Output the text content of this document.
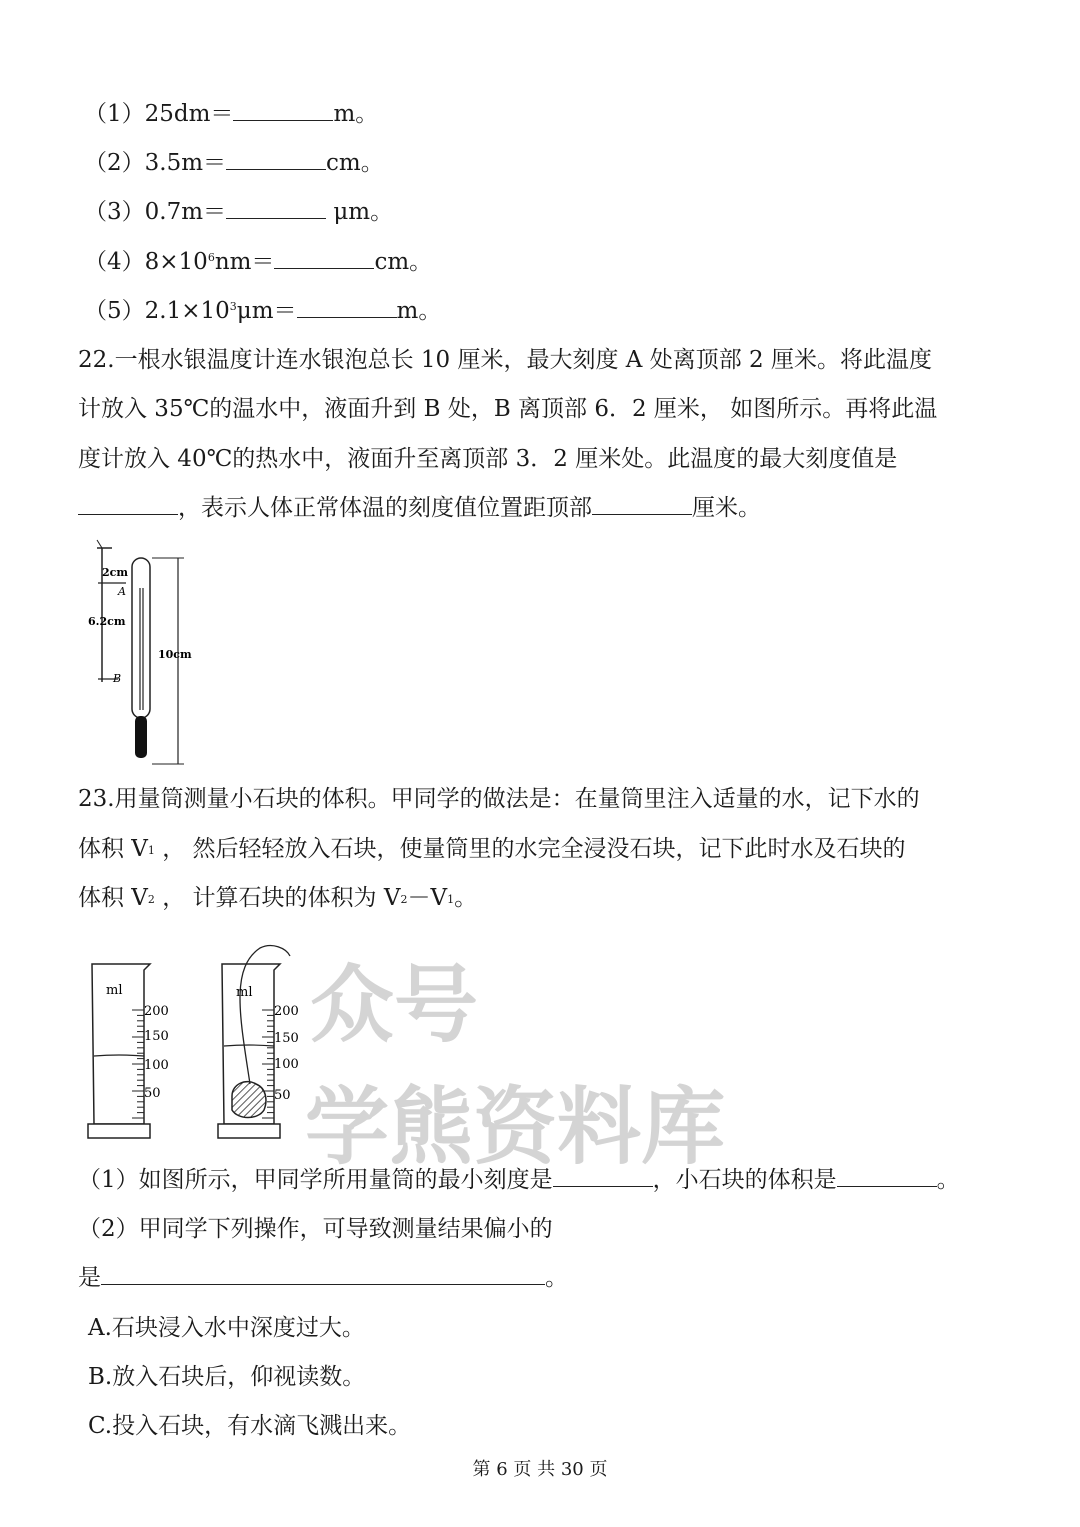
众号
学熊资料库
（1）25dm＝	m。
（2）3.5m＝	cm。
（3）0.7m＝	μm。
$(4)8\times 10^6nm=$	cm。
$(5)2.1\times 10^3\mu m=$	m。
22.一根水银温度计连水银泡总长 10 厘米，最大刻度 A 处离顶部 2 厘米。将此温度
计放入 35℃的温水中，液面升到 B 处，B 离顶部 6．2 厘米， 如图所示。再将此温
度计放入 40℃的热水中，液面升至离顶部 3．2 厘米处。此温度的最大刻度值是
，表示人体正常体温的刻度值位置距顶部	厘米。
2cm
A
6.2cm
B
10cm
23.用量筒测量小石块的体积。甲同学的做法是：在量筒里注入适量的水，记下水的
体积 $V_1$ ， 然后轻轻放入石块，使量筒里的水完全浸没石块，记下此时水及石块的
体积 $V_2$ ， 计算石块的体积为 $V_2-V_1$。
ml
200
150
100
50
ml
200
150
100
50
（1）如图所示，甲同学所用量筒的最小刻度是	，小石块的体积是	。
（2）甲同学下列操作，可导致测量结果偏小的
是	。
A.石块浸入水中深度过大。
B.放入石块后，仰视读数。
C.投入石块，有水滴飞溅出来。
第 6 页 共 30 页
